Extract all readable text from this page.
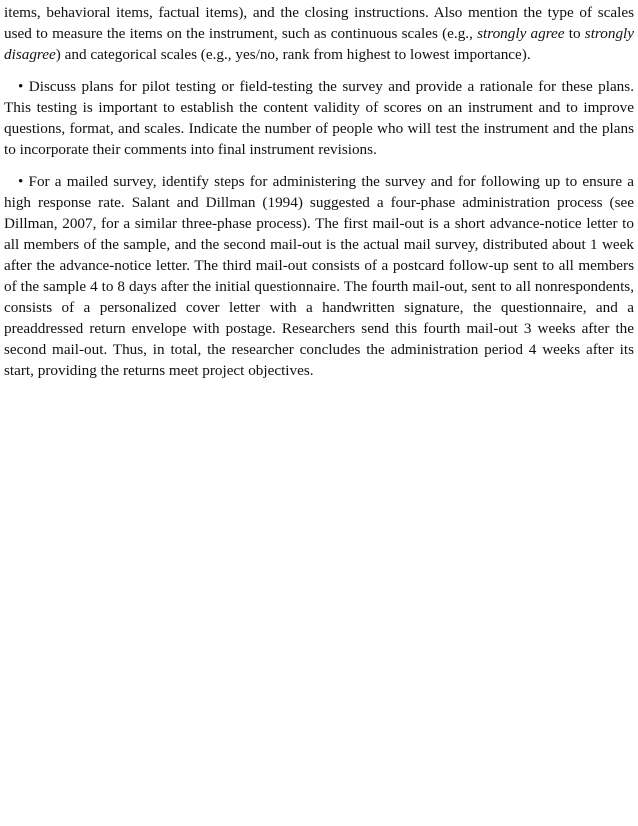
items, behavioral items, factual items), and the closing instructions. Also mention the type of scales used to measure the items on the instrument, such as continuous scales (e.g., strongly agree to strongly disagree) and categorical scales (e.g., yes/no, rank from highest to lowest importance).

• Discuss plans for pilot testing or field-testing the survey and provide a rationale for these plans. This testing is important to establish the content validity of scores on an instrument and to improve questions, format, and scales. Indicate the number of people who will test the instrument and the plans to incorporate their comments into final instrument revisions.

• For a mailed survey, identify steps for administering the survey and for following up to ensure a high response rate. Salant and Dillman (1994) suggested a four-phase administration process (see Dillman, 2007, for a similar three-phase process). The first mail-out is a short advance-notice letter to all members of the sample, and the second mail-out is the actual mail survey, distributed about 1 week after the advance-notice letter. The third mail-out consists of a postcard follow-up sent to all members of the sample 4 to 8 days after the initial questionnaire. The fourth mail-out, sent to all nonrespondents, consists of a personalized cover letter with a handwritten signature, the questionnaire, and a preaddressed return envelope with postage. Researchers send this fourth mail-out 3 weeks after the second mail-out. Thus, in total, the researcher concludes the administration period 4 weeks after its start, providing the returns meet project objectives.
